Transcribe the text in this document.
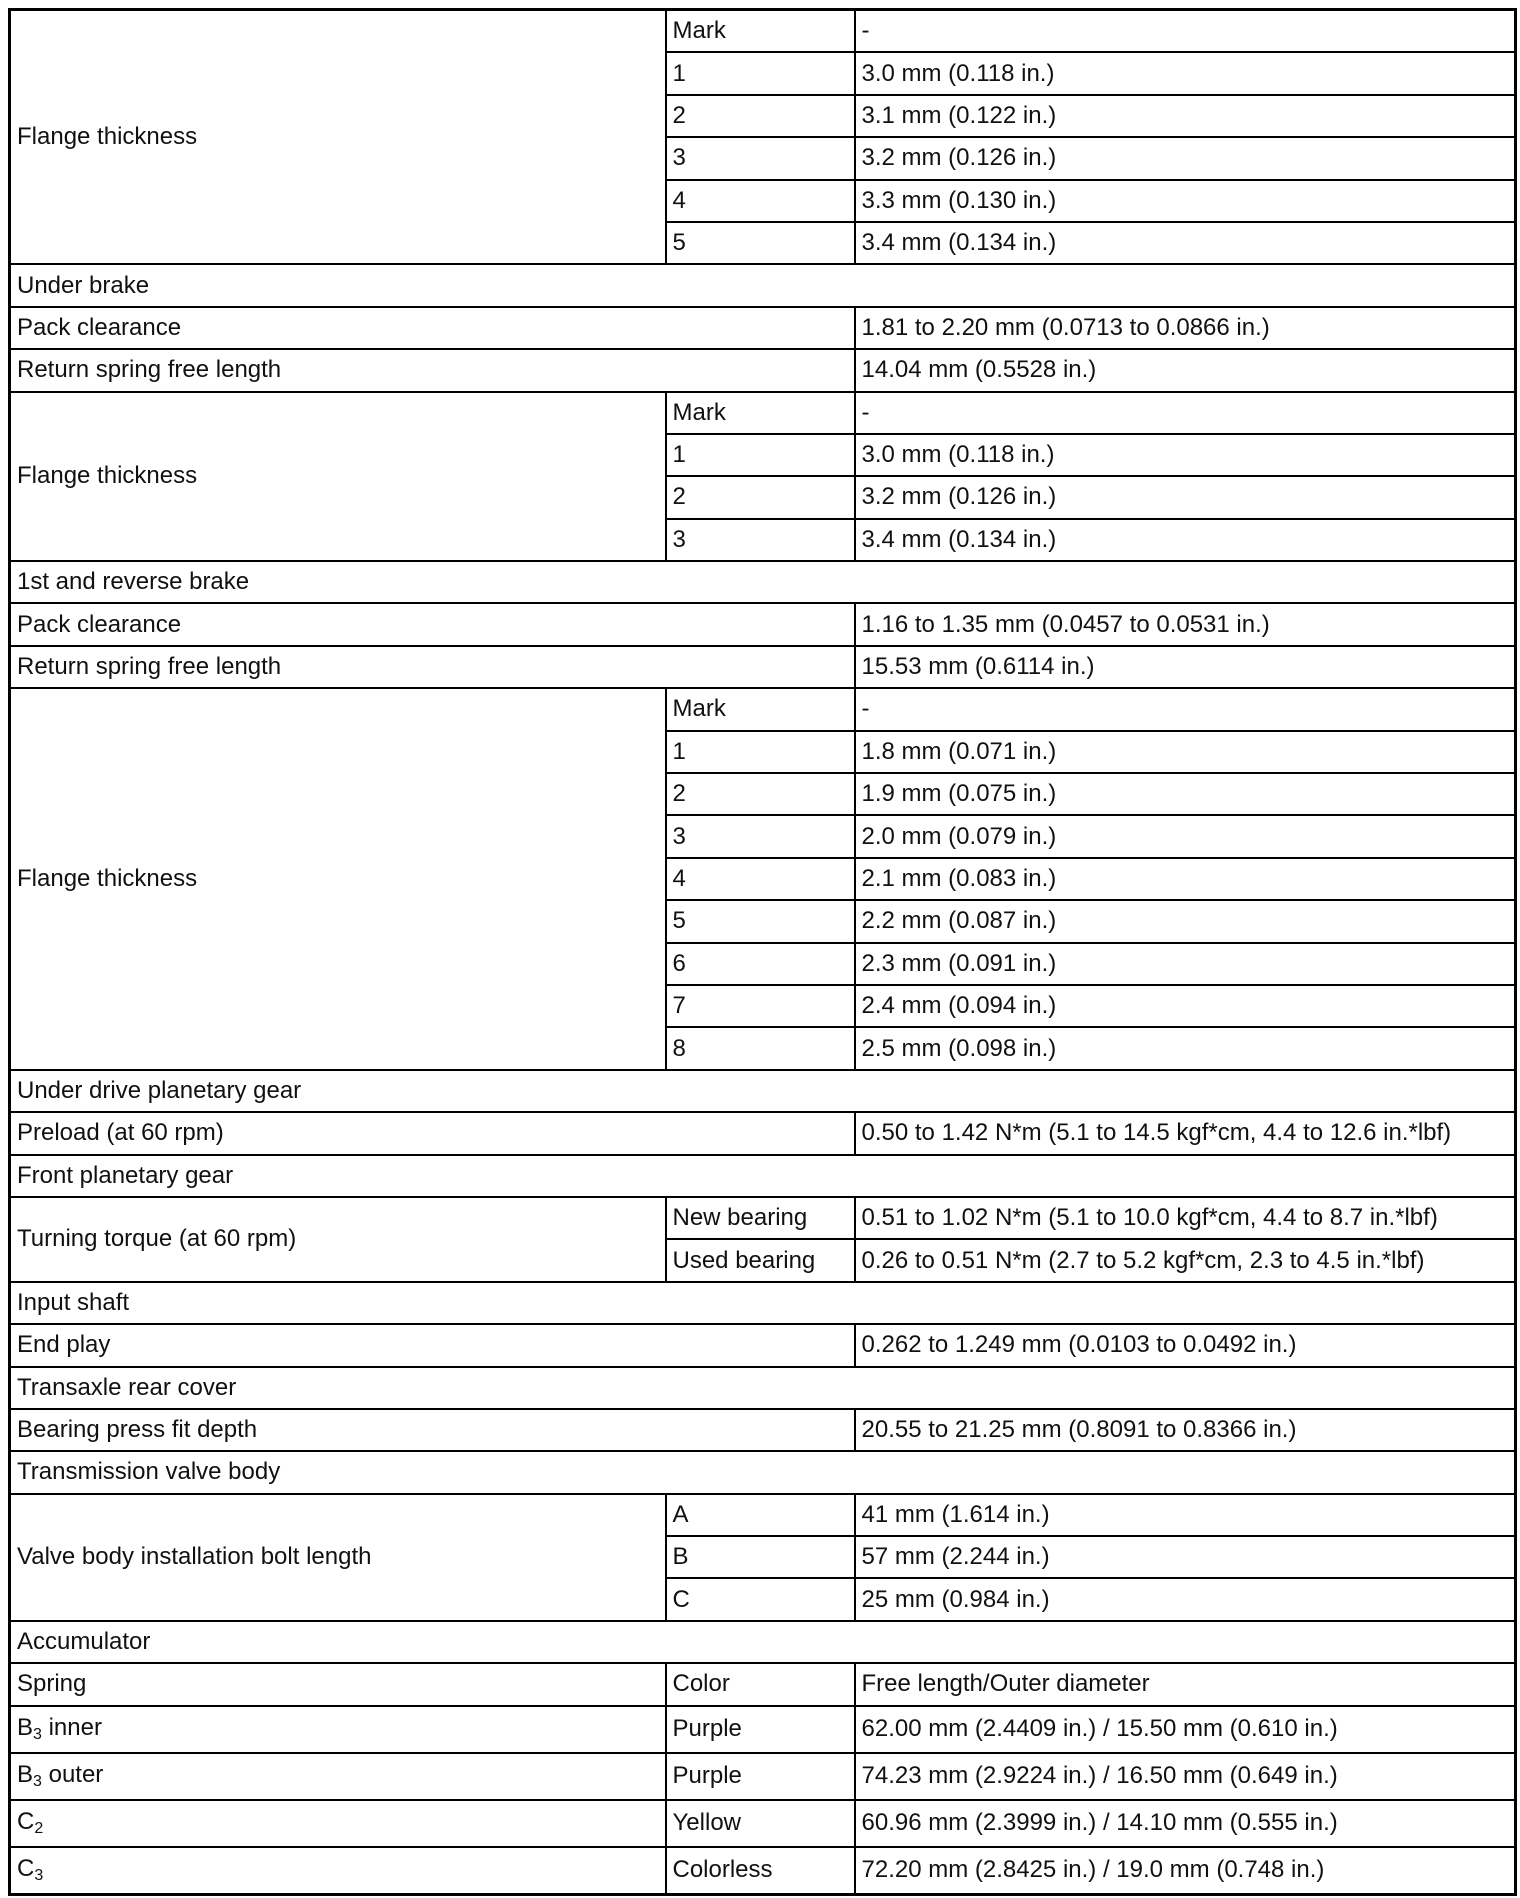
Flange thickness	Mark	-
	1	3.0 mm (0.118 in.)
	2	3.1 mm (0.122 in.)
	3	3.2 mm (0.126 in.)
	4	3.3 mm (0.130 in.)
	5	3.4 mm (0.134 in.)
Under brake		
Pack clearance		1.81 to 2.20 mm (0.0713 to 0.0866 in.)
Return spring free length		14.04 mm (0.5528 in.)
Flange thickness	Mark	-
	1	3.0 mm (0.118 in.)
	2	3.2 mm (0.126 in.)
	3	3.4 mm (0.134 in.)
1st and reverse brake		
Pack clearance		1.16 to 1.35 mm (0.0457 to 0.0531 in.)
Return spring free length		15.53 mm (0.6114 in.)
Flange thickness	Mark	-
	1	1.8 mm (0.071 in.)
	2	1.9 mm (0.075 in.)
	3	2.0 mm (0.079 in.)
	4	2.1 mm (0.083 in.)
	5	2.2 mm (0.087 in.)
	6	2.3 mm (0.091 in.)
	7	2.4 mm (0.094 in.)
	8	2.5 mm (0.098 in.)
Under drive planetary gear		
Preload (at 60 rpm)		0.50 to 1.42 N*m (5.1 to 14.5 kgf*cm, 4.4 to 12.6 in.*lbf)
Front planetary gear		
Turning torque (at 60 rpm)	New bearing	0.51 to 1.02 N*m (5.1 to 10.0 kgf*cm, 4.4 to 8.7 in.*lbf)
	Used bearing	0.26 to 0.51 N*m (2.7 to 5.2 kgf*cm, 2.3 to 4.5 in.*lbf)
Input shaft		
End play		0.262 to 1.249 mm (0.0103 to 0.0492 in.)
Transaxle rear cover		
Bearing press fit depth		20.55 to 21.25 mm (0.8091 to 0.8366 in.)
Transmission valve body		
Valve body installation bolt length	A	41 mm (1.614 in.)
	B	57 mm (2.244 in.)
	C	25 mm (0.984 in.)
Accumulator		
Spring	Color	Free length/Outer diameter
$B_3$ inner	Purple	62.00 mm (2.4409 in.) / 15.50 mm (0.610 in.)
$B_3$ outer	Purple	74.23 mm (2.9224 in.) / 16.50 mm (0.649 in.)
$C_2$	Yellow	60.96 mm (2.3999 in.) / 14.10 mm (0.555 in.)
$C_3$	Colorless	72.20 mm (2.8425 in.) / 19.0 mm (0.748 in.)
